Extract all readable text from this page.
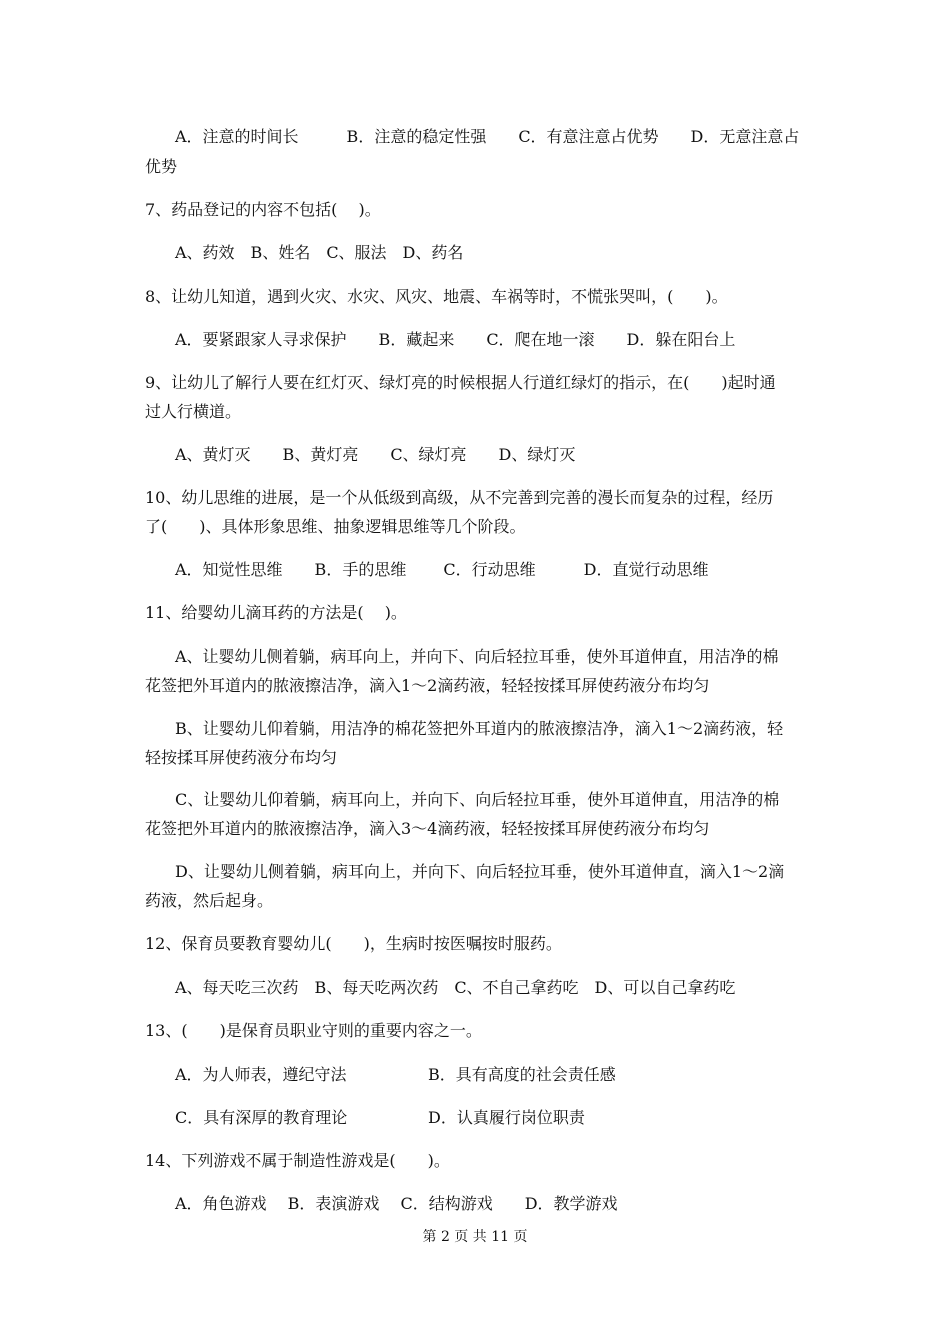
A．注意的时间长　　　B．注意的稳定性强　　C．有意注意占优势　　D．无意注意占
优势
7、药品登记的内容不包括(　 )。
A、药效　B、姓名　C、服法　D、药名
8、让幼儿知道，遇到火灾、水灾、风灾、地震、车祸等时，不慌张哭叫，(　　)。
A．要紧跟家人寻求保护　　B．藏起来　　C．爬在地一滚　　D．躲在阳台上
9、让幼儿了解行人要在红灯灭、绿灯亮的时候根据人行道红绿灯的指示，在(　　)起时通
过人行横道。
A、黄灯灭　　B、黄灯亮　　C、绿灯亮　　D、绿灯灭
10、幼儿思维的进展，是一个从低级到高级，从不完善到完善的漫长而复杂的过程，经历
了(　　)、具体形象思维、抽象逻辑思维等几个阶段。
A．知觉性思维　　B．手的思维　　 C．行动思维　　　D．直觉行动思维
11、给婴幼儿滴耳药的方法是(　 )。
A、让婴幼儿侧着躺，病耳向上，并向下、向后轻拉耳垂，使外耳道伸直，用洁净的棉
花签把外耳道内的脓液擦洁净，滴入1～2滴药液，轻轻按揉耳屏使药液分布均匀
B、让婴幼儿仰着躺，用洁净的棉花签把外耳道内的脓液擦洁净，滴入1～2滴药液，轻
轻按揉耳屏使药液分布均匀
C、让婴幼儿仰着躺，病耳向上，并向下、向后轻拉耳垂，使外耳道伸直，用洁净的棉
花签把外耳道内的脓液擦洁净，滴入3～4滴药液，轻轻按揉耳屏使药液分布均匀
D、让婴幼儿侧着躺，病耳向上，并向下、向后轻拉耳垂，使外耳道伸直，滴入1～2滴
药液，然后起身。
12、保育员要教育婴幼儿(　　)，生病时按医嘱按时服药。
A、每天吃三次药　B、每天吃两次药　C、不自己拿药吃　D、可以自己拿药吃
13、(　　)是保育员职业守则的重要内容之一。
A．为人师表，遵纪守法	B．具有高度的社会责任感
C．具有深厚的教育理论	D．认真履行岗位职责
14、下列游戏不属于制造性游戏是(　　)。
A．角色游戏　 B．表演游戏　 C．结构游戏　　D．教学游戏
第 2 页 共 11 页
